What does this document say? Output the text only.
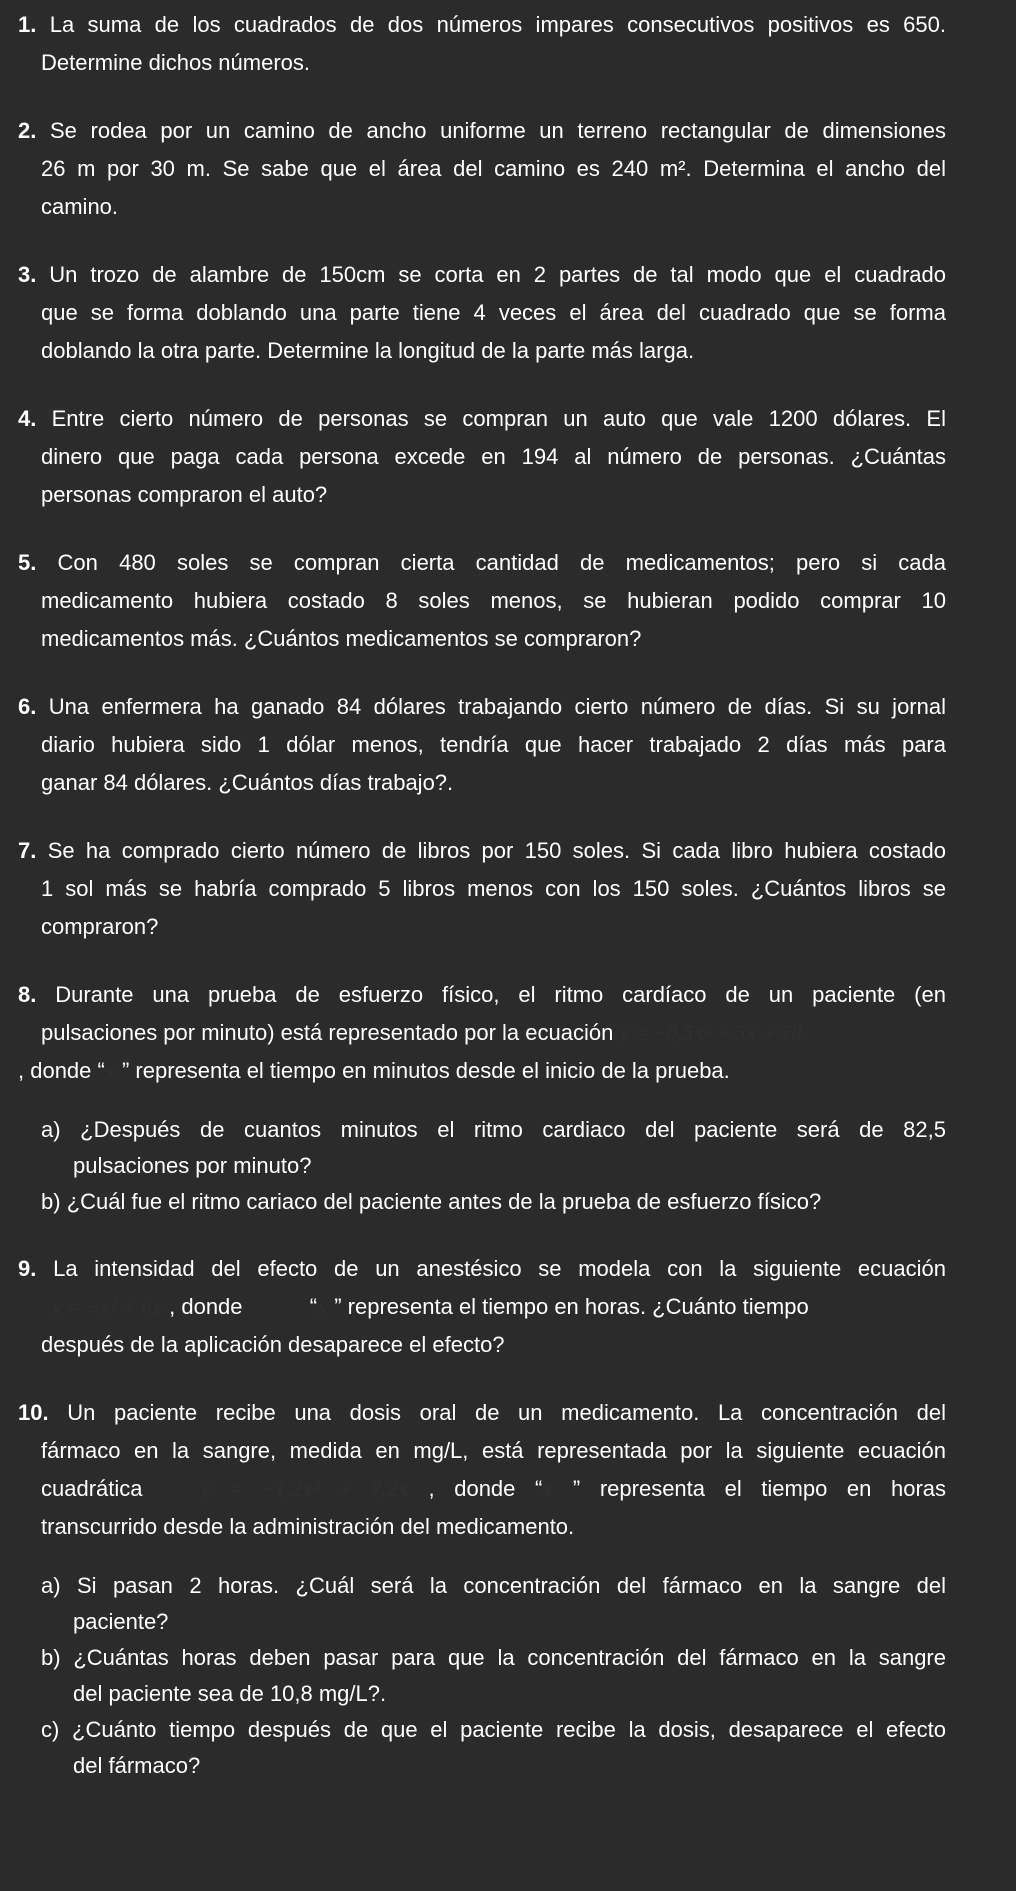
1. La suma de los cuadrados de dos números impares consecutivos positivos es 650.
Determine dichos números.
2. Se rodea por un camino de ancho uniforme un terreno rectangular de dimensiones
26 m por 30 m. Se sabe que el área del camino es 240 m². Determina el ancho del
camino.
3. Un trozo de alambre de 150cm se corta en 2 partes de tal modo que el cuadrado
que se forma doblando una parte tiene 4 veces el área del cuadrado que se forma
doblando la otra parte. Determine la longitud de la parte más larga.
4. Entre cierto número de personas se compran un auto que vale 1200 dólares. El
dinero que paga cada persona excede en 194 al número de personas. ¿Cuántas
personas compraron el auto?
5. Con 480 soles se compran cierta cantidad de medicamentos; pero si cada
medicamento hubiera costado 8 soles menos, se hubieran podido comprar 10
medicamentos más. ¿Cuántos medicamentos se compraron?
6. Una enfermera ha ganado 84 dólares trabajando cierto número de días. Si su jornal
diario hubiera sido 1 dólar menos, tendría que hacer trabajado 2 días más para
ganar 84 dólares. ¿Cuántos días trabajo?.
7. Se ha comprado cierto número de libros por 150 soles. Si cada libro hubiera costado
1 sol más se habría comprado 5 libros menos con los 150 soles. ¿Cuántos libros se
compraron?
8. Durante una prueba de esfuerzo físico, el ritmo cardíaco de un paciente (en
pulsaciones por minuto) está representado por la ecuación y = −0,5x² + 5x + 70
, donde “x ” representa el tiempo en minutos desde el inicio de la prueba.
a) ¿Después de cuantos minutos el ritmo cardiaco del paciente será de 82,5
pulsaciones por minuto?
b) ¿Cuál fue el ritmo cariaco del paciente antes de la prueba de esfuerzo físico?
9. La intensidad del efecto de un anestésico se modela con la siguiente ecuación
y = −x² + 6x , donde           “x ” representa el tiempo en horas. ¿Cuánto tiempo
después de la aplicación desaparece el efecto?
10. Un paciente recibe una dosis oral de un medicamento. La concentración del
fármaco en la sangre, medida en mg/L, está representada por la siguiente ecuación
cuadrática	y = −1,2x² + 7,2x , donde “x ” representa el tiempo en horas
transcurrido desde la administración del medicamento.
a) Si pasan 2 horas. ¿Cuál será la concentración del fármaco en la sangre del
paciente?
b) ¿Cuántas horas deben pasar para que la concentración del fármaco en la sangre
del paciente sea de 10,8 mg/L?.
c) ¿Cuánto tiempo después de que el paciente recibe la dosis, desaparece el efecto
del fármaco?
